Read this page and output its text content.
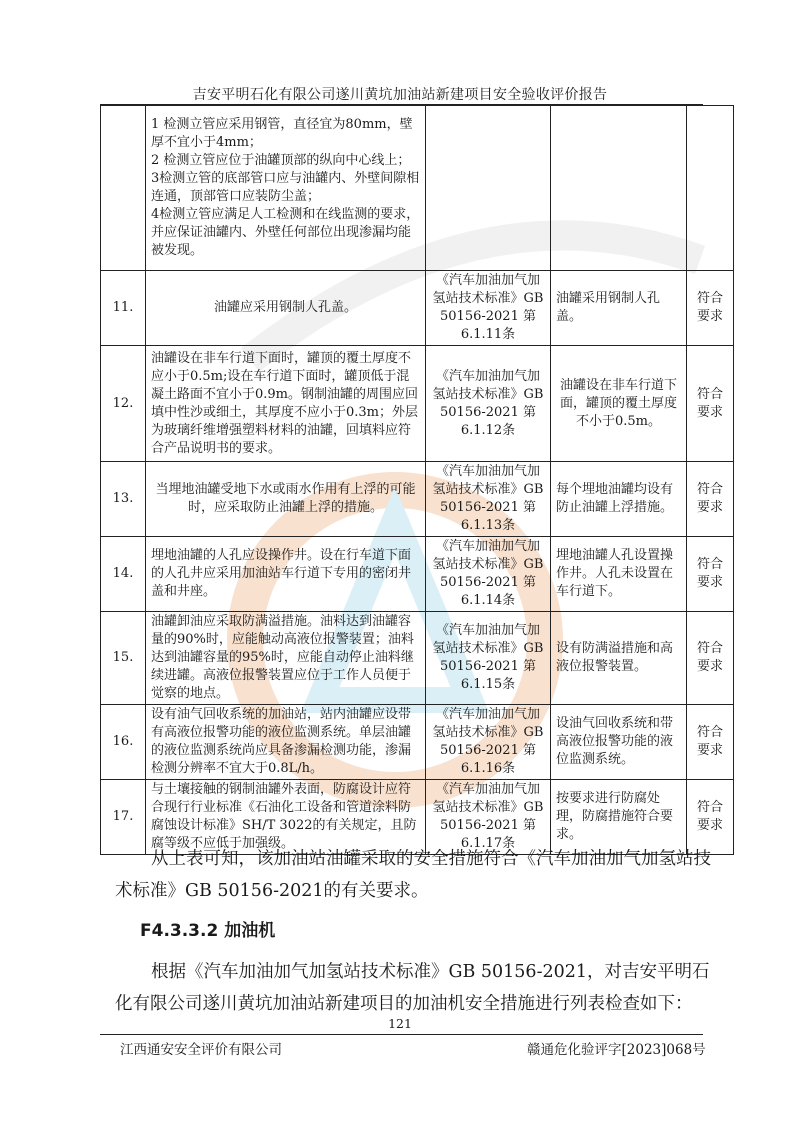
吉安平明石化有限公司遂川黄坑加油站新建项目安全验收评价报告

	1 检测立管应采用钢管，直径宜为80mm，壁厚不宜小于4mm；
2 检测立管应位于油罐顶部的纵向中心线上；
3检测立管的底部管口应与油罐内、外壁间隙相连通，顶部管口应装防尘盖；
4检测立管应满足人工检测和在线监测的要求，并应保证油罐内、外壁任何部位出现渗漏均能被发现。			

11.	油罐应采用钢制人孔盖。	《汽车加油加气加氢站技术标准》GB 50156-2021 第6.1.11条	油罐采用钢制人孔盖。	符合要求
12.	油罐设在非车行道下面时，罐顶的覆土厚度不应小于0.5m;设在车行道下面时，罐顶低于混凝土路面不宜小于0.9m。钢制油罐的周围应回填中性沙或细土，其厚度不应小于0.3m；外层为玻璃纤维增强塑料材料的油罐，回填料应符合产品说明书的要求。	《汽车加油加气加氢站技术标准》GB 50156-2021 第6.1.12条	油罐设在非车行道下面，罐顶的覆土厚度不小于0.5m。	符合要求
13.	当埋地油罐受地下水或雨水作用有上浮的可能时，应采取防止油罐上浮的措施。	《汽车加油加气加氢站技术标准》GB 50156-2021 第6.1.13条	每个埋地油罐均设有防止油罐上浮措施。	符合要求
14.	埋地油罐的人孔应设操作井。设在行车道下面的人孔井应采用加油站车行道下专用的密闭井盖和井座。	《汽车加油加气加氢站技术标准》GB 50156-2021 第6.1.14条	埋地油罐人孔设置操作井。人孔未设置在车行道下。	符合要求
15.	油罐卸油应采取防满溢措施。油料达到油罐容量的90%时，应能触动高液位报警装置；油料达到油罐容量的95%时，应能自动停止油料继续进罐。高液位报警装置应位于工作人员便于觉察的地点。	《汽车加油加气加氢站技术标准》GB 50156-2021 第6.1.15条	设有防满溢措施和高液位报警装置。	符合要求
16.	设有油气回收系统的加油站，站内油罐应设带有高液位报警功能的液位监测系统。单层油罐的液位监测系统尚应具备渗漏检测功能，渗漏检测分辨率不宜大于0.8L/h。	《汽车加油加气加氢站技术标准》GB 50156-2021 第6.1.16条	设油气回收系统和带高液位报警功能的液位监测系统。	符合要求
17.	与土壤接触的钢制油罐外表面，防腐设计应符合现行行业标准《石油化工设备和管道涂料防腐蚀设计标准》SH/T 3022的有关规定，且防腐等级不应低于加强级。	《汽车加油加气加氢站技术标准》GB 50156-2021 第6.1.17条	按要求进行防腐处理，防腐措施符合要求。	符合要求
从上表可知，该加油站油罐采取的安全措施符合《汽车加油加气加氢站技术标准》GB 50156-2021的有关要求。
F4.3.3.2 加油机
根据《汽车加油加气加氢站技术标准》GB 50156-2021，对吉安平明石化有限公司遂川黄坑加油站新建项目的加油机安全措施进行列表检查如下：
121
江西通安安全评价有限公司	赣通危化验评字[2023]068号
